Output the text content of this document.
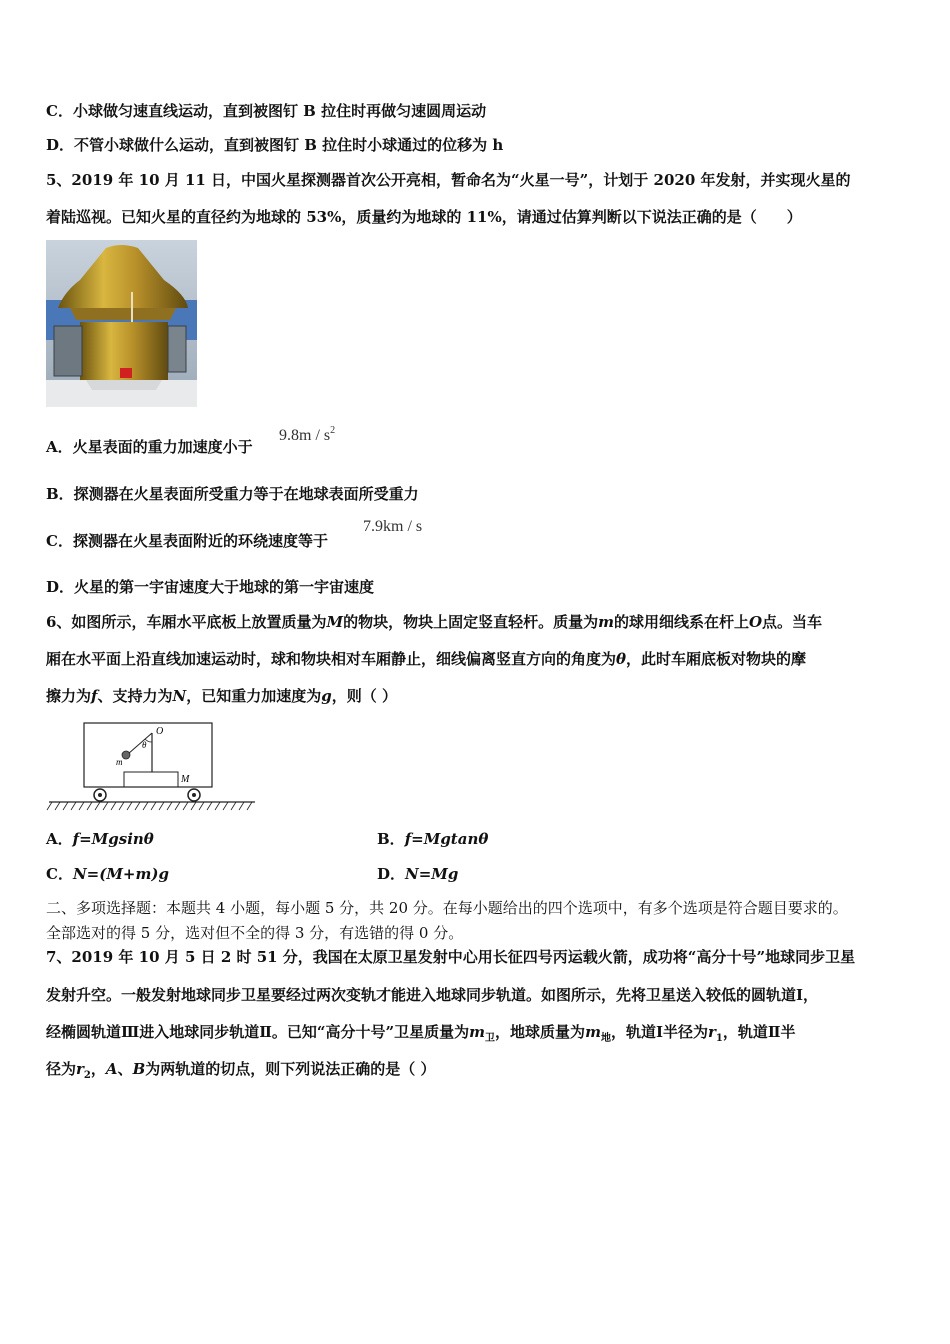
C．小球做匀速直线运动，直到被图钉 B 拉住时再做匀速圆周运动
D．不管小球做什么运动，直到被图钉 B 拉住时小球通过的位移为 h
5、2019 年 10 月 11 日，中国火星探测器首次公开亮相，暂命名为“火星一号”，计划于 2020 年发射，并实现火星的
着陆巡视。已知火星的直径约为地球的 53%，质量约为地球的 11%，请通过估算判断以下说法正确的是（　　）
A．火星表面的重力加速度小于
$9.8m / s^2$
B．探测器在火星表面所受重力等于在地球表面所受重力
C．探测器在火星表面附近的环绕速度等于
7.9km / s
D．火星的第一宇宙速度大于地球的第一宇宙速度
6、如图所示，车厢水平底板上放置质量为M的物块，物块上固定竖直轻杆。质量为m的球用细线系在杆上O点。当车
厢在水平面上沿直线加速运动时，球和物块相对车厢静止，细线偏离竖直方向的角度为θ，此时车厢底板对物块的摩
擦力为f、支持力为N，已知重力加速度为g，则（ ）
O
θ
m
M
A．f=Mgsinθ	B．f=Mgtanθ
C．N=(M+m)g	D．N=Mg
二、多项选择题：本题共 4 小题，每小题 5 分，共 20 分。在每小题给出的四个选项中，有多个选项是符合题目要求的。
全部选对的得 5 分，选对但不全的得 3 分，有选错的得 0 分。
7、2019 年 10 月 5 日 2 时 51 分，我国在太原卫星发射中心用长征四号丙运载火箭，成功将“高分十号”地球同步卫星
发射升空。一般发射地球同步卫星要经过两次变轨才能进入地球同步轨道。如图所示，先将卫星送入较低的圆轨道Ⅰ，
经椭圆轨道Ⅲ进入地球同步轨道Ⅱ。已知“高分十号”卫星质量为$m_卫$，地球质量为$m_地$，轨道Ⅰ半径为$r_1$，轨道Ⅱ半
径为$r_2$，A、B为两轨道的切点，则下列说法正确的是（ ）
